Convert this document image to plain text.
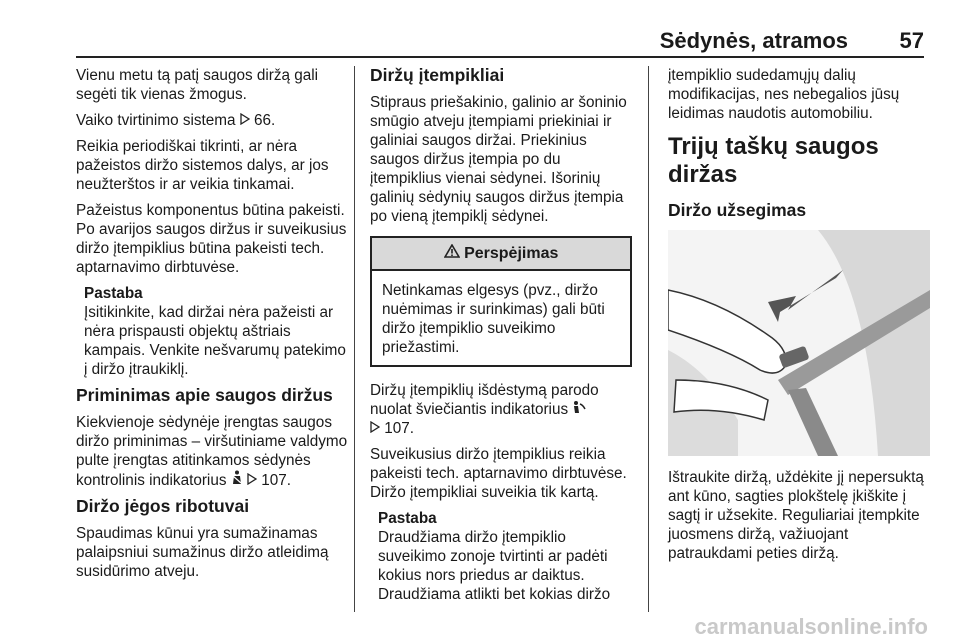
Sėdynės, atramos 57

Vienu metu tą patį saugos diržą gali segėti tik vienas žmogus.

Vaiko tvirtinimo sistema 66.

Reikia periodiškai tikrinti, ar nėra pažeistos diržo sistemos dalys, ar jos neužterštos ir ar veikia tinkamai.

Pažeistus komponentus būtina pakeisti. Po avarijos saugos diržus ir suveikusius diržo įtempiklius būtina pakeisti tech. aptarnavimo dirbtuvėse.

Pastaba

Įsitikinkite, kad diržai nėra pažeisti ar nėra prispausti objektų aštriais kampais. Venkite nešvarumų patekimo į diržo įtraukiklį.

Priminimas apie saugos diržus

Kiekvienoje sėdynėje įrengtas saugos diržo priminimas – viršutiniame valdymo pulte įrengtas atitinkamos sėdynės kontrolinis indikatorius 107.

Diržo jėgos ribotuvai

Spaudimas kūnui yra sumažinamas palaipsniui sumažinus diržo atleidimą susidūrimo atveju.

Diržų įtempikliai

Stipraus priešakinio, galinio ar šoninio smūgio atveju įtempiami priekiniai ir galiniai saugos diržai. Priekinius saugos diržus įtempia po du įtempiklius vienai sėdynei. Išorinių galinių sėdynių saugos diržus įtempia po vieną įtempiklį sėdynei.

Perspėjimas
Netinkamas elgesys (pvz., diržo nuėmimas ir surinkimas) gali būti diržo įtempiklio suveikimo priežastimi.

Diržų įtempiklių išdėstymą parodo nuolat šviečiantis indikatorius
107.

Suveikusius diržo įtempiklius reikia pakeisti tech. aptarnavimo dirbtuvėse. Diržo įtempikliai suveikia tik kartą.

Pastaba

Draudžiama diržo įtempiklio suveikimo zonoje tvirtinti ar padėti kokius nors priedus ar daiktus. Draudžiama atlikti bet kokias diržo

įtempiklio sudedamųjų dalių modifikacijas, nes nebegalios jūsų leidimas naudotis automobiliu.

Trijų taškų saugos diržas
Diržo užsegimas

Ištraukite diržą, uždėkite jį nepersuktą ant kūno, sagties plokštelę įkiškite į sagtį ir užsekite. Reguliariai įtempkite juosmens diržą, važiuojant patraukdami peties diržą.

carmanualsonline.info
